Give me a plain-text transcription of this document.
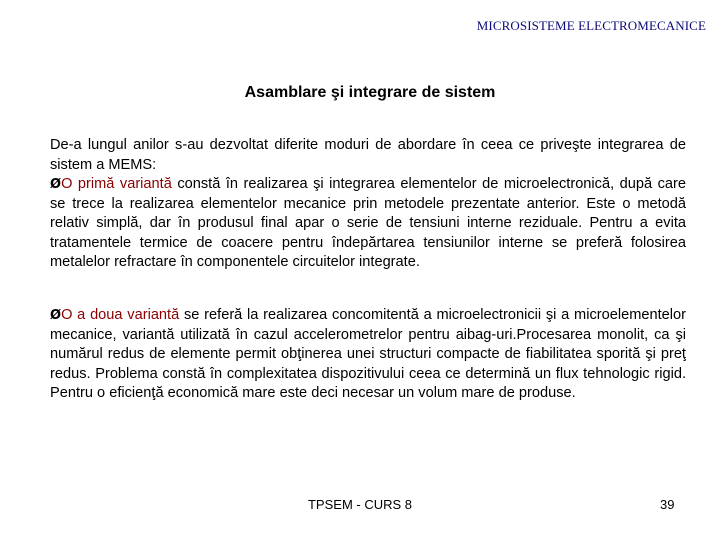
MICROSISTEME ELECTROMECANICE
Asamblare şi integrare de sistem

De-a lungul anilor s-au dezvoltat diferite moduri de abordare în ceea ce priveşte integrarea de sistem a MEMS:

ØO primă variantă constă în realizarea şi integrarea elementelor de microelectronică, după care se trece la realizarea elementelor mecanice prin metodele prezentate anterior. Este o metodă relativ simplă, dar în produsul final apar o serie de tensiuni interne reziduale. Pentru a evita tratamentele termice de coacere pentru îndepărtarea tensiunilor interne se preferă folosirea metalelor refractare în componentele circuitelor integrate.

ØO a doua variantă se referă la realizarea concomitentă a microelectronicii şi a microelementelor mecanice, variantă utilizată în cazul accelerometrelor pentru aibag-uri.Procesarea monolit, ca şi numărul redus de elemente permit obţinerea unei structuri compacte de fiabilitatea sporită şi preţ redus. Problema constă în complexitatea dispozitivului ceea ce determină un flux tehnologic rigid. Pentru o eficienţă economică mare este deci necesar un volum mare de produse.

TPSEM - CURS 8	39
